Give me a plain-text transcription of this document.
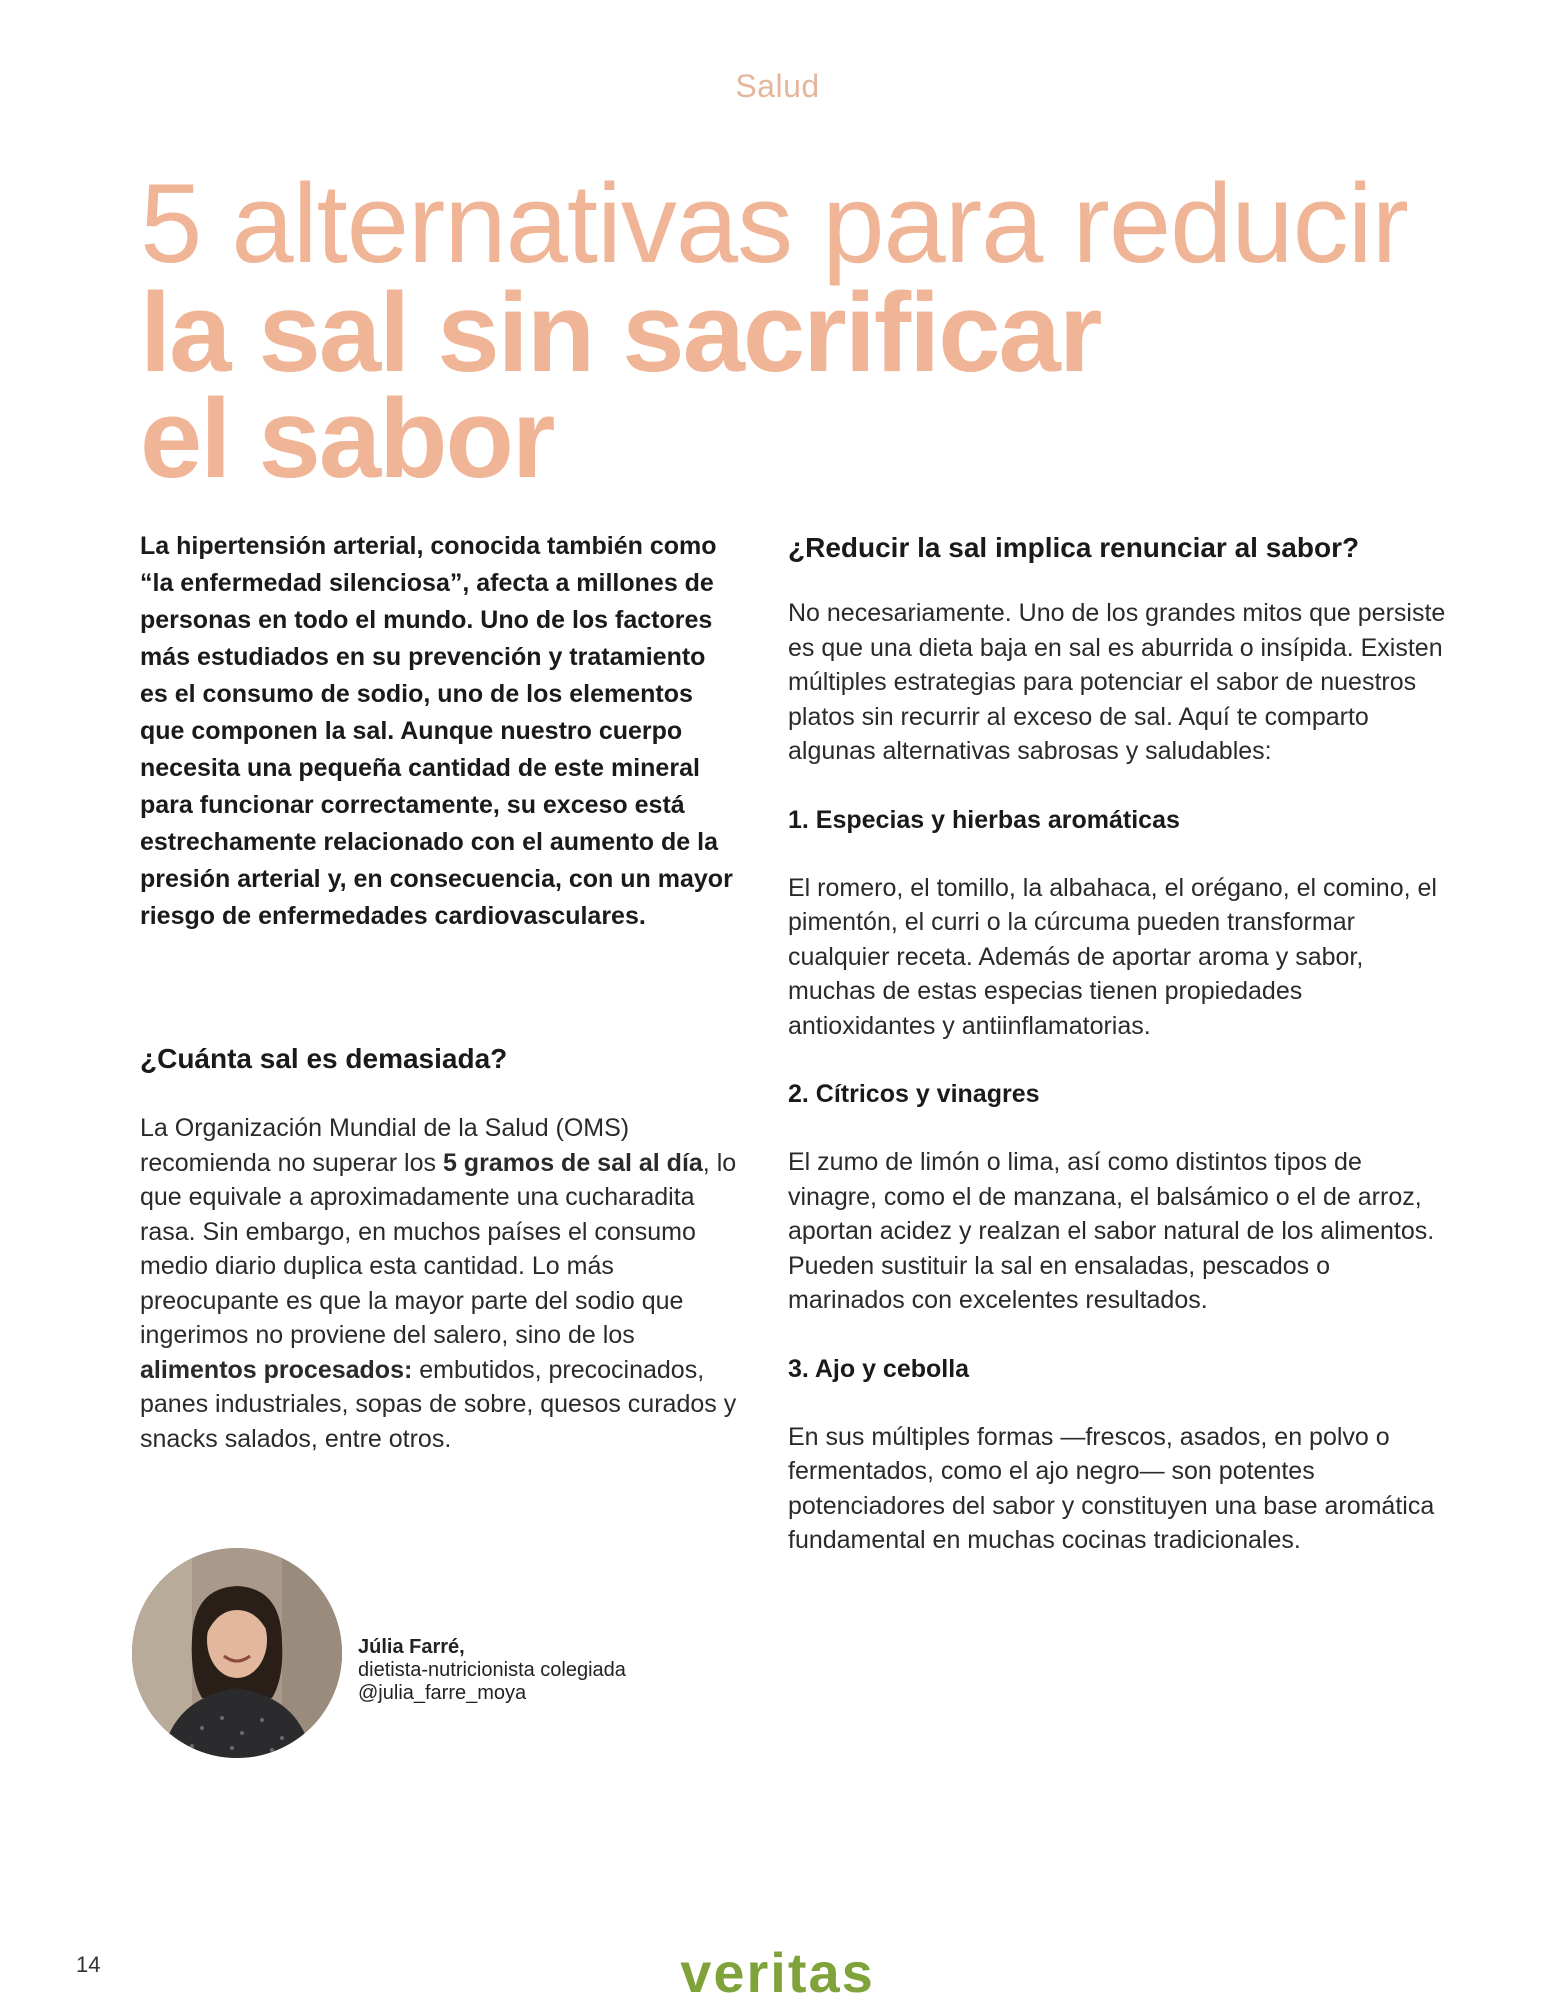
Salud
5 alternativas para reducir
la sal sin sacrificar
el sabor

La hipertensión arterial, conocida también como “la enfermedad silenciosa”, afecta a millones de personas en todo el mundo. Uno de los factores más estudiados en su prevención y tratamiento es el consumo de sodio, uno de los elementos que componen la sal. Aunque nuestro cuerpo necesita una pequeña cantidad de este mineral para funcionar correctamente, su exceso está estrechamente relacionado con el aumento de la presión arterial y, en consecuencia, con un mayor riesgo de enfermedades cardiovasculares.

¿Cuánta sal es demasiada?

La Organización Mundial de la Salud (OMS) recomienda no superar los 5 gramos de sal al día, lo que equivale a aproximadamente una cucharadita rasa. Sin embargo, en muchos países el consumo medio diario duplica esta cantidad. Lo más preocupante es que la mayor parte del sodio que ingerimos no proviene del salero, sino de los alimentos procesados: embutidos, precocinados, panes industriales, sopas de sobre, quesos curados y snacks salados, entre otros.

¿Reducir la sal implica renunciar al sabor?

No necesariamente. Uno de los grandes mitos que persiste es que una dieta baja en sal es aburrida o insípida. Existen múltiples estrategias para potenciar el sabor de nuestros platos sin recurrir al exceso de sal. Aquí te comparto algunas alternativas sabrosas y saludables:

1. Especias y hierbas aromáticas

El romero, el tomillo, la albahaca, el orégano, el comino, el pimentón, el curri o la cúrcuma pueden transformar cualquier receta. Además de aportar aroma y sabor, muchas de estas especias tienen propiedades antioxidantes y antiinflamatorias.

2. Cítricos y vinagres

El zumo de limón o lima, así como distintos tipos de vinagre, como el de manzana, el balsámico o el de arroz, aportan acidez y realzan el sabor natural de los alimentos. Pueden sustituir la sal en ensaladas, pescados o marinados con excelentes resultados.

3. Ajo y cebolla

En sus múltiples formas —frescos, asados, en polvo o fermentados, como el ajo negro— son potentes potenciadores del sabor y constituyen una base aromática fundamental en muchas cocinas tradicionales.

Júlia Farré,
dietista-nutricionista colegiada
@julia_farre_moya
14	veritas
